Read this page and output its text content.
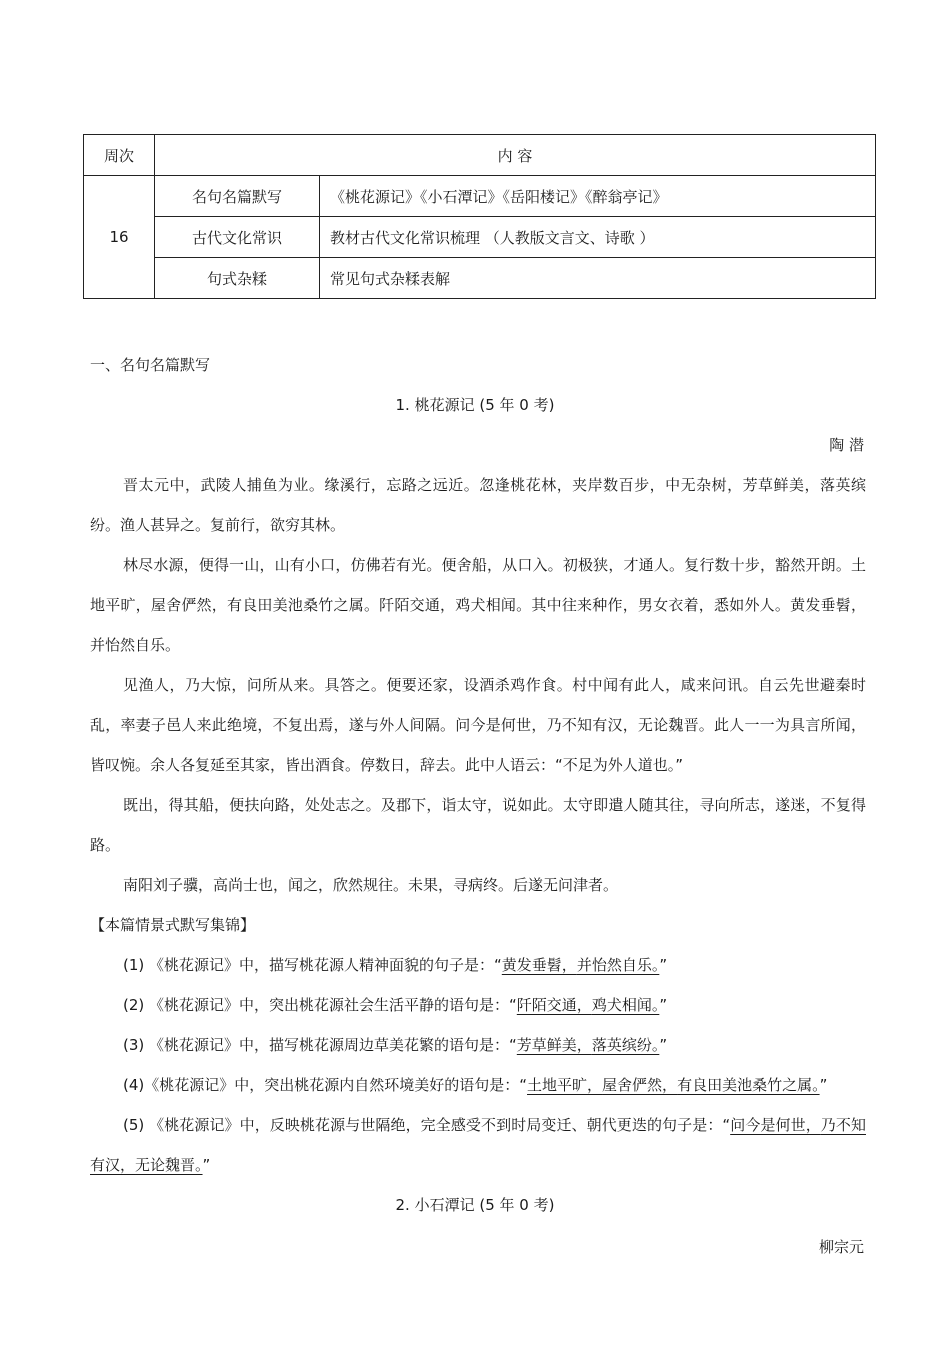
周次	内 容	
16	名句名篇默写	《桃花源记》《小石潭记》《岳阳楼记》《醉翁亭记》
	古代文化常识	教材古代文化常识梳理 （人教版文言文、诗歌 ）
	句式杂糅	常见句式杂糅表解
一、名句名篇默写
1. 桃花源记 (5 年 0 考)
陶 潜
晋太元中，武陵人捕鱼为业。缘溪行，忘路之远近。忽逢桃花林，夹岸数百步，中无杂树，芳草鲜美，落英缤纷。渔人甚异之。复前行，欲穷其林。
林尽水源，便得一山，山有小口，仿佛若有光。便舍船，从口入。初极狭，才通人。复行数十步，豁然开朗。土地平旷，屋舍俨然，有良田美池桑竹之属。阡陌交通，鸡犬相闻。其中往来种作，男女衣着，悉如外人。黄发垂髫，并怡然自乐。
见渔人，乃大惊，问所从来。具答之。便要还家，设酒杀鸡作食。村中闻有此人，咸来问讯。自云先世避秦时乱，率妻子邑人来此绝境，不复出焉，遂与外人间隔。问今是何世，乃不知有汉，无论魏晋。此人一一为具言所闻，皆叹惋。余人各复延至其家，皆出酒食。停数日，辞去。此中人语云：“不足为外人道也。”
既出，得其船，便扶向路，处处志之。及郡下，诣太守，说如此。太守即遣人随其往，寻向所志，遂迷，不复得路。
南阳刘子骥，高尚士也，闻之，欣然规往。未果，寻病终。后遂无问津者。
【本篇情景式默写集锦】
(1) 《桃花源记》中，描写桃花源人精神面貌的句子是：“黄发垂髫，并怡然自乐。”
(2) 《桃花源记》中，突出桃花源社会生活平静的语句是：“阡陌交通，鸡犬相闻。”
(3) 《桃花源记》中，描写桃花源周边草美花繁的语句是：“芳草鲜美，落英缤纷。”
(4)《桃花源记》中，突出桃花源内自然环境美好的语句是：“土地平旷，屋舍俨然，有良田美池桑竹之属。”
(5) 《桃花源记》中，反映桃花源与世隔绝，完全感受不到时局变迁、朝代更迭的句子是：“问今是何世，乃不知有汉，无论魏晋。”
2. 小石潭记 (5 年 0 考)
柳宗元
